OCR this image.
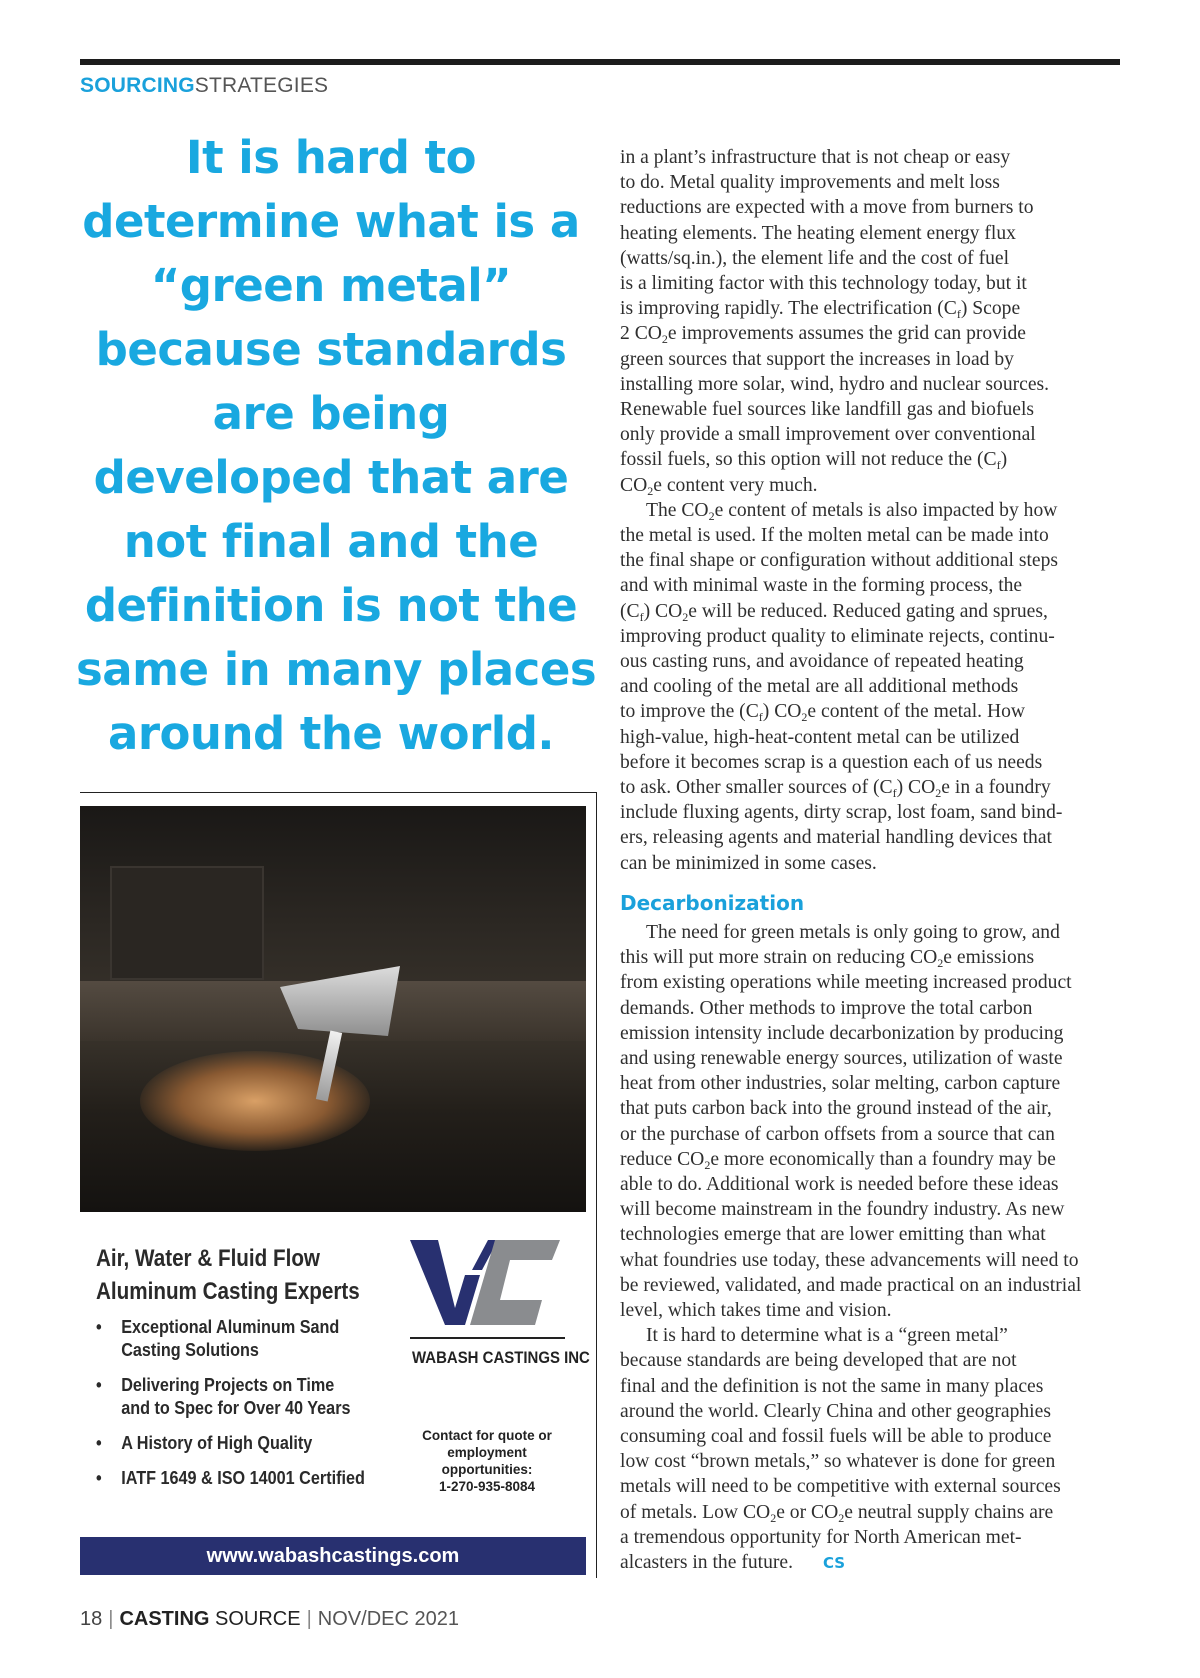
SOURCINGSTRATEGIES
It is hard to
determine what is a
“green metal”
because standards
are being
developed that are
not final and the
definition is not the
same in many places
around the world.
Air, Water & Fluid Flow
Aluminum Casting Experts
• Exceptional Aluminum Sand
Casting Solutions
• Delivering Projects on Time
and to Spec for Over 40 Years
• A History of High Quality
• IATF 1649 & ISO 14001 Certified
WABASH CASTINGS INC
Contact for quote or
employment
opportunities:
1-270-935-8084
www.wabashcastings.com
in a plant’s infrastructure that is not cheap or easy
to do. Metal quality improvements and melt loss
reductions are expected with a move from burners to
heating elements. The heating element energy flux
(watts/sq.in.), the element life and the cost of fuel
is a limiting factor with this technology today, but it
is improving rapidly. The electrification $(C_f)$ Scope
2 $CO_2e$ improvements assumes the grid can provide
green sources that support the increases in load by
installing more solar, wind, hydro and nuclear sources.
Renewable fuel sources like landfill gas and biofuels
only provide a small improvement over conventional
fossil fuels, so this option will not reduce the $(C_f)$
$CO_2e$ content very much.
The $CO_2e$ content of metals is also impacted by how
the metal is used. If the molten metal can be made into
the final shape or configuration without additional steps
and with minimal waste in the forming process, the
$(C_f)$ $CO_2e$ will be reduced. Reduced gating and sprues,
improving product quality to eliminate rejects, continu-
ous casting runs, and avoidance of repeated heating
and cooling of the metal are all additional methods
to improve the $(C_f)$ $CO_2e$ content of the metal. How
high-value, high-heat-content metal can be utilized
before it becomes scrap is a question each of us needs
to ask. Other smaller sources of $(C_f)$ $CO_2e$ in a foundry
include fluxing agents, dirty scrap, lost foam, sand bind-
ers, releasing agents and material handling devices that
can be minimized in some cases.
Decarbonization
The need for green metals is only going to grow, and
this will put more strain on reducing $CO_2e$ emissions
from existing operations while meeting increased product
demands. Other methods to improve the total carbon
emission intensity include decarbonization by producing
and using renewable energy sources, utilization of waste
heat from other industries, solar melting, carbon capture
that puts carbon back into the ground instead of the air,
or the purchase of carbon offsets from a source that can
reduce $CO_2e$ more economically than a foundry may be
able to do. Additional work is needed before these ideas
will become mainstream in the foundry industry. As new
technologies emerge that are lower emitting than what
what foundries use today, these advancements will need to
be reviewed, validated, and made practical on an industrial
level, which takes time and vision.
It is hard to determine what is a “green metal”
because standards are being developed that are not
final and the definition is not the same in many places
around the world. Clearly China and other geographies
consuming coal and fossil fuels will be able to produce
low cost “brown metals,” so whatever is done for green
metals will need to be competitive with external sources
of metals. Low $CO_2e$ or $CO_2e$ neutral supply chains are
a tremendous opportunity for North American met-
alcasters in the future. CS
18 | CASTING SOURCE | NOV/DEC 2021
